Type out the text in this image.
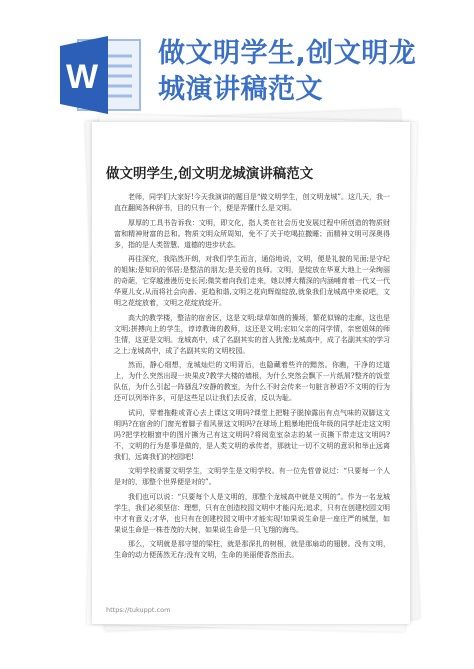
W
做文明学生,创文明龙
城演讲稿范文
做文明学生,创文明龙城演讲稿范文

老师，同学们大家好!今天我演讲的题目是“做文明学生，创文明龙城”。这几天，我一直在翻阅各种辞书，目的只有一个，便是弄懂什么是文明。

厚厚的工具书告诉我：文明，即文化，指人类在社会历史发展过程中所创造的物质财富和精神财富的总和。物质文明众所周知，免不了关于吃喝拉撒睡；而精神文明可深奥得多，指的是人类智慧、道德的进步状态。

再往深究，我陷然开朗，对我们学生而言，通俗地说，文明，便是礼貌的见面;是守纪的姐妹;是知识的邻居;是整洁的朋友;是关爱的良师。文明，是绽放在华夏大地上一朵绚丽的奇葩，它穿越漫漫历史长河;微笑着向我们走来，她以博大精深的内涵哺育着一代又一代华夏儿女,从而将社会向善、更趋和谐,文明之花向辉煌绽放,就象我们龙城高中来说吧，文明之花绽放着，文明之花绽放绽开。

高大的教学楼，整洁的宿舍区，这是文明;绿草如茵的操场，繁花似锦的走廊，这也是文明;拼搏向上的学生，谆谆教诲的教师，这还是文明;宏如父亲的同学情，亲密姐妹的师生情，这更是文明。龙城高中，成了名副其实的首人犹豫;龙城高中，成了名副其实的学习之上;龙城高中，成了名副其实的文明校园。

然而，静心细想，龙城灿烂的文明背后，也隐藏着些许的黯然。你瞧，干净的过道上，为什么突然出现一块果皮?教学大楼的墙根，为什么突然会飘下一片纸屑?整齐的饭堂队伍，为什么引起一阵骚乱?安静的教室，为什么不时会传来一句脏言秽语?不文明的行为还可以列举许多，可是这些足以让我们去反省，反以为耻。

试问，穿着拖鞋或背心去上课这文明吗?课堂上把鞋子脱掉露出有点气味的双脚这文明吗?在宿舍的门窗光着脚子看风景这文明吗?在球场上粗暴地把低年级的同学赶走这文明吗?把学校橱窗中的图片撕为己有这文明吗?将阅览室杂志的某一页撕下带走这文明吗?不，文明的行为是事是做的，是人类文明的承传者，那就让一切不文明的意识和举止远离我们，远离我们的校园吧!

文明学校需要文明学生，文明学生是文明学校。有一位先哲曾说过：“只要每一个人是对的，那整个世界便是对的”。

我们也可以说：“只要每个人是文明的，那整个龙城高中就是文明的”。作为一名龙城学生，我们必须坚信：理想，只有在创造校园文明中才能闪光;追求，只有在创建校园文明中才有意义;才华，也只有在创建校园文明中才能实现!如果说生命是一座庄严的城堡，如果说生命是一株苍茂的大树，如果说生命是一只飞翔的海鸟。

那么，文明就是那守望的梁柱，就是那深扎的树根，就是那扇动的翅膀。没有文明，生命的动力便荡然无存;没有文明，生命的美丽便香然而去。

https://tukuppt.com
